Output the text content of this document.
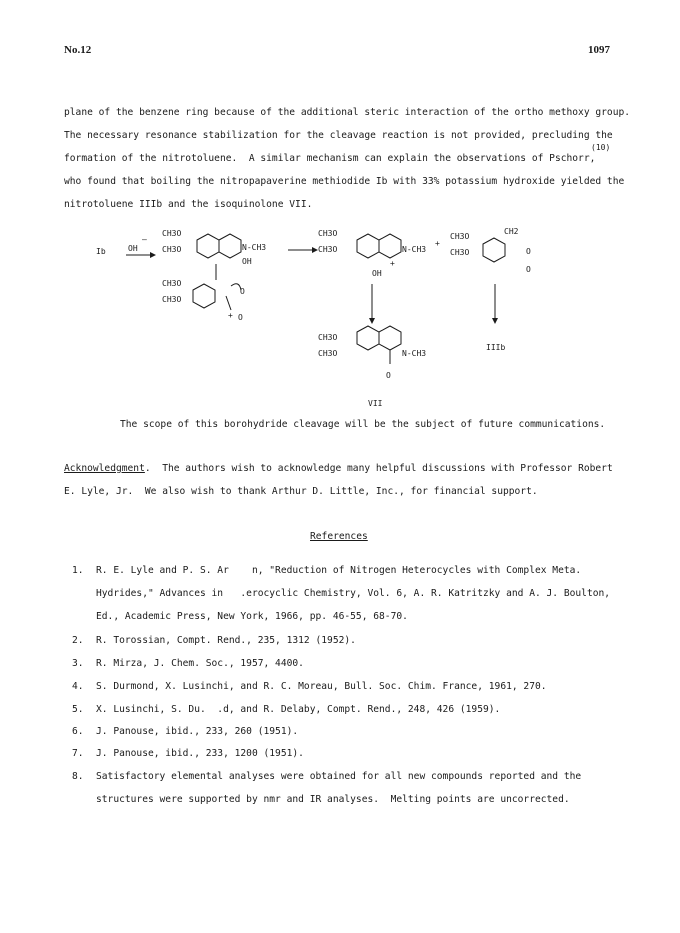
No.12	1097
plane of the benzene ring because of the additional steric interaction of the ortho methoxy group.
The necessary resonance stabilization for the cleavage reaction is not provided, precluding the
formation of the nitrotoluene.  A similar mechanism can explain the observations of Pschorr,
(10)
who found that boiling the nitropapaverine methiodide Ib with 33% potassium hydroxide yielded the
nitrotoluene IIIb and the isoquinolone VII.
Ib	OH
–
CH3O
CH3O	N-CH3
OH
CH3O
CH3O
O
+ O
CH3O
CH3O	N-CH3
+
OH
+
CH3O
CH3O
CH2
O
O
CH3O
CH3O	N-CH3
O
IIIb
VII
The scope of this borohydride cleavage will be the subject of future communications.
Acknowledgment.  The authors wish to acknowledge many helpful discussions with Professor Robert
E. Lyle, Jr.  We also wish to thank Arthur D. Little, Inc., for financial support.
References
1. R. E. Lyle and P. S. Ar    n, "Reduction of Nitrogen Heterocycles with Complex Meta.
Hydrides," Advances in   .erocyclic Chemistry, Vol. 6, A. R. Katritzky and A. J. Boulton,
Ed., Academic Press, New York, 1966, pp. 46-55, 68-70.
2. R. Torossian, Compt. Rend., 235, 1312 (1952).
3. R. Mirza, J. Chem. Soc., 1957, 4400.
4. S. Durmond, X. Lusinchi, and R. C. Moreau, Bull. Soc. Chim. France, 1961, 270.
5. X. Lusinchi, S. Du.  .d, and R. Delaby, Compt. Rend., 248, 426 (1959).
6. J. Panouse, ibid., 233, 260 (1951).
7. J. Panouse, ibid., 233, 1200 (1951).
8. Satisfactory elemental analyses were obtained for all new compounds reported and the
structures were supported by nmr and IR analyses.  Melting points are uncorrected.
